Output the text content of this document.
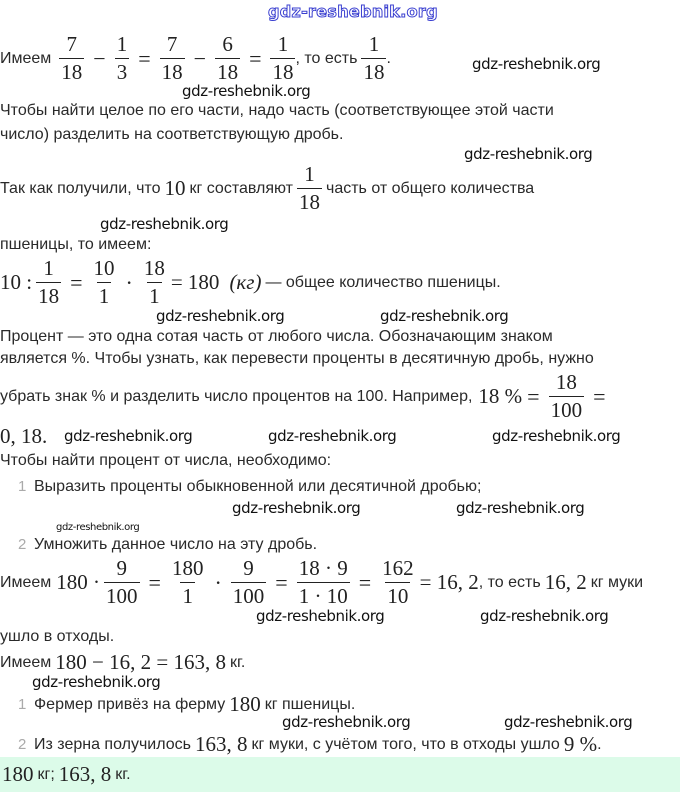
gdz-reshebnik.org
Имеем $\frac{7}{18} - \frac{1}{3} = \frac{7}{18} - \frac{6}{18} = \frac{1}{18}$ , то есть $\frac{1}{18}$ .	gdz-reshebnik.org
gdz-reshebnik.org
Чтобы найти целое по его части, надо часть (соответствующее этой части
число) разделить на соответствующую дробь.
gdz-reshebnik.org
Так как получили, что 10 кг составляют $\frac{1}{18}$ часть от общего количества
gdz-reshebnik.org
пшеницы, то имеем:
10 : $\frac{1}{18} = \frac{10}{1} \cdot \frac{18}{1} = 180$ (кг) — общее количество пшеницы.
gdz-reshebnik.org	gdz-reshebnik.org
Процент — это одна сотая часть от любого числа. Обозначающим знаком
является %. Чтобы узнать, как перевести проценты в десятичную дробь, нужно
убрать знак % и разделить число процентов на 100. Например, 18 % = $\frac{18}{100}$ =
0, 18. gdz-reshebnik.org	gdz-reshebnik.org	gdz-reshebnik.org
Чтобы найти процент от числа, необходимо:
1 Выразить проценты обыкновенной или десятичной дробью;
gdz-reshebnik.org	gdz-reshebnik.org
gdz-reshebnik.org
2 Умножить данное число на эту дробь.
Имеем $180 \cdot \frac{9}{100} = \frac{180}{1} \cdot \frac{9}{100} = \frac{18 \cdot 9}{1 \cdot 10} = \frac{162}{10} = 16$, 2 , то есть 16, 2 кг муки
gdz-reshebnik.org	gdz-reshebnik.org
ушло в отходы.
Имеем 180 − 16, 2 = 163, 8 кг.
gdz-reshebnik.org
1 Фермер привёз на ферму 180 кг пшеницы.
gdz-reshebnik.org	gdz-reshebnik.org
2 Из зерна получилось 163, 8 кг муки, с учётом того, что в отходы ушло 9 % .
180 кг; 163, 8 кг.
